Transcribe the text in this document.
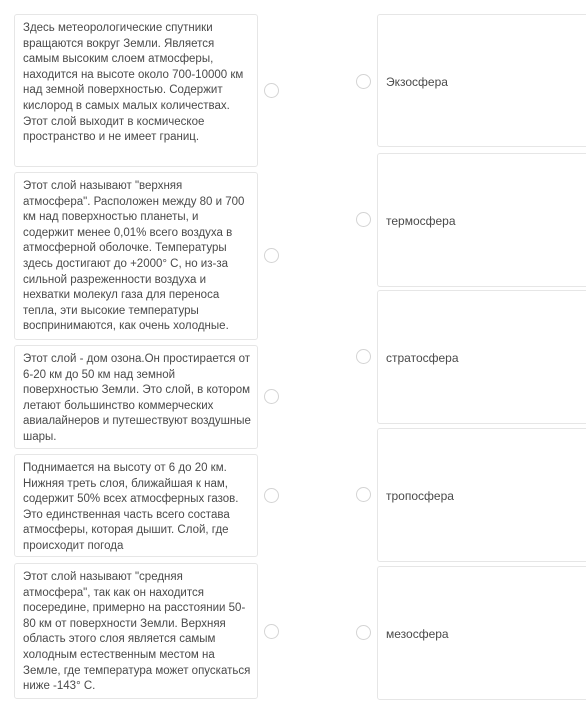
Здесь метеорологические спутники вращаются вокруг Земли. Является самым высоким слоем атмосферы, находится на высоте около 700-10000 км над земной поверхностью. Содержит кислород в самых малых количествах. Этот слой выходит в космическое пространство и не имеет границ.
Этот слой называют "верхняя атмосфера". Расположен между 80 и 700 км над поверхностью планеты, и содержит менее 0,01% всего воздуха в атмосферной оболочке. Температуры здесь достигают до +2000° С, но из-за сильной разреженности воздуха и нехватки молекул газа для переноса тепла, эти высокие температуры воспринимаются, как очень холодные.
Этот слой - дом озона.Он простирается от 6-20 км до 50 км над земной поверхностью Земли. Это слой, в котором летают большинство коммерческих авиалайнеров и путешествуют воздушные шары.
Поднимается на высоту от 6 до 20 км. Нижняя треть слоя, ближайшая к нам, содержит 50% всех атмосферных газов. Это единственная часть всего состава атмосферы, которая дышит. Слой, где происходит погода
Этот слой называют "средняя атмосфера", так как он находится посередине, примерно на расстоянии 50-80 км от поверхности Земли. Верхняя область этого слоя является самым холодным естественным местом на Земле, где температура может опускаться ниже -143° С.
Экзосфера
термосфера
стратосфера
тропосфера
мезосфера
